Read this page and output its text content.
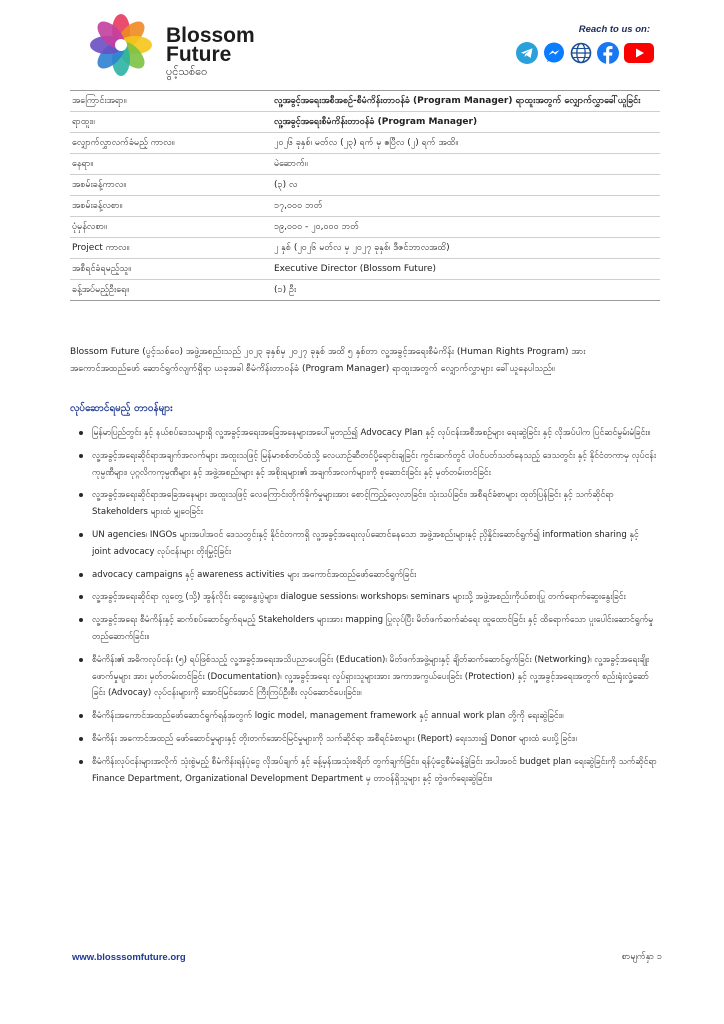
Blossom
Future
ပွင့်သစ်ဝေ
Reach to us on:
အကြောင်းအရာ။	လူ့အခွင့်အရေးအစီအစဉ်-စီမံကိန်းတာဝန်ခံ (Program Manager) ရာထူးအတွက် လျှောက်လွှာခေါ်ယူခြင်း
ရာထူး။	လူ့အခွင့်အရေးစီမံကိန်းတာဝန်ခံ (Program Manager)
လျှောက်လွှာလက်ခံမည့် ကာလ။	၂၀၂၆ ခုနှစ်၊ မတ်လ (၂၃) ရက် မှ ဧပြီလ (၂) ရက် အထိ။
နေရာ။	မဲဆောက်။
အစမ်းခန့်ကာလ။	(၃) လ
အစမ်းခန့်လစာ။	၁၇,၀၀၀ ဘတ်
ပုံမှန်လစာ။	၁၉,၀၀၀ - ၂၀,၀၀၀ ဘတ်
Project ကာလ။	၂ နှစ် (၂၀၂၆ မတ်လ မှ ၂၀၂၇ ခုနှစ်၊ ဒီဇင်ဘာလအထိ)
အစီရင်ခံရမည့်သူ။	Executive Director (Blossom Future)
ခန့်အပ်မည့်ဦးရေ။	(၁) ဦး

Blossom Future (ပွင့်သစ်ဝေ) အဖွဲ့အစည်းသည် ၂၀၂၃ ခုနှစ်မှ ၂၀၂၇ ခုနှစ် အထိ ၅ နှစ်တာ လူ့အခွင့်အရေးစီမံကိန်း (Human Rights Program) အား အကောင်အထည်ဖော် ဆောင်ရွက်လျက်ရှိရာ ယခုအခါ စီမံကိန်းတာဝန်ခံ (Program Manager) ရာထူးအတွက် လျှောက်လွှာများ ခေါ်ယူနေပါသည်။

လုပ်ဆောင်ရမည့် တာဝန်များ
မြန်မာပြည်တွင်း နှင့် နယ်စပ်ဒေသများရှိ လူ့အခွင့်အရေးအခြေအနေများအပေါ်မူတည်၍ Advocacy Plan နှင့် လုပ်ငန်းအစီအစဉ်များ ရေးဆွဲခြင်း နှင့် လိုအပ်ပါက ပြင်ဆင်မွမ်းမံခြင်း။
လူ့အခွင့်အရေးဆိုင်ရာအချက်အလက်များ အထူးသဖြင့် မြန်မာစစ်တပ်ထံသို့ လေယာဉ်ဆီတင်ပို့ရောင်းချခြင်း ကွင်းဆက်တွင် ပါဝင်ပတ်သတ်နေသည့် ဒေသတွင်း နှင့် နိုင်ငံတကာမှ လုပ်ငန်းကုမ္ပဏီများ၊ ပုဂ္ဂလိကကုမ္ပဏီများ နှင့် အဖွဲ့အစည်းများ နှင့် အစိုးရများ၏ အချက်အလက်များကို စုဆောင်းခြင်း နှင့် မှတ်တမ်းတင်ခြင်း
လူ့အခွင့်အရေးဆိုင်ရာအခြေအနေများ အထူးသဖြင့် လေကြောင်းတိုက်ခိုက်မှုများအား စောင့်ကြည့်လေ့လာခြင်း၊ သုံးသပ်ခြင်း၊ အစီရင်ခံစာများ ထုတ်ပြန်ခြင်း နှင့် သက်ဆိုင်ရာ Stakeholders များထံ မျှဝေခြင်း
UN agencies၊ INGOs များအပါအဝင် ဒေသတွင်းနှင့် နိုင်ငံတကာရှိ လူ့အခွင့်အရေးလုပ်ဆောင်နေသော အဖွဲ့အစည်းများနှင့် ညှိနှိုင်းဆောင်ရွက်၍ information sharing နှင့် joint advocacy လုပ်ငန်းများ တိုးမြှင့်ခြင်း
advocacy campaigns နှင့် awareness activities များ အကောင်အထည်ဖော်ဆောင်ရွက်ခြင်း
လူ့အခွင့်အရေးဆိုင်ရာ လူတွေ့ (သို့) အွန်လိုင်း ဆွေးနွေးပွဲများ၊ dialogue sessions၊ workshops၊ seminars များသို့ အဖွဲ့အစည်းကိုယ်စားပြု တက်ရောက်ဆွေးနွေးခြင်း
လူ့အခွင့်အရေး စီမံကိန်းနှင့် ဆက်စပ်ဆောင်ရွက်ရမည့် Stakeholders များအား mapping ပြုလုပ်ပြီး မိတ်ဖက်ဆက်ဆံရေး ထူထောင်ခြင်း နှင့် ထိရောက်သော ပူးပေါင်းဆောင်ရွက်မှု တည်ဆောက်ခြင်း။
စီမံကိန်း၏ အဓိကလုပ်ငန်း (၅) ရပ်ဖြစ်သည့် လူ့အခွင့်အရေးအသိပညာပေးခြင်း (Education)၊ မိတ်ဖက်အဖွဲ့များနှင့် ချိတ်ဆက်ဆောင်ရွက်ခြင်း (Networking)၊ လူ့အခွင့်အရေးချိုးဖောက်မှုများ အား မှတ်တမ်းတင်ခြင်း (Documentation)၊ လူ့အခွင့်အရေး လှုပ်ရှားသူများအား အကာအကွယ်ပေးခြင်း (Protection) နှင့် လူ့အခွင့်အရေးအတွက် စည်းရုံးလှုံ့ဆော်ခြင်း (Advocay) လုပ်ငန်းများကို အောင်မြင်အောင် ကြီးကြပ်ဦးစီး လုပ်ဆောင်ပေးခြင်း။
စီမံကိန်းအကောင်အထည်ဖော်ဆောင်ရွက်ရန်အတွက် logic model, management framework နှင့် annual work plan တို့ကို ရေးဆွဲခြင်း။
စီမံကိန်း အကောင်အထည် ဖော်ဆောင်မှုများနှင့် တိုးတက်အောင်မြင်မှုများကို သက်ဆိုင်ရာ အစီရင်ခံစာများ (Report) ရေးသား၍ Donor များထံ ပေးပို့ခြင်း။
စီမံကိန်းလုပ်ငန်းများအလိုက် သုံးစွဲမည့် စီမံကိန်းရန်ပုံငွေ လိုအပ်ချက် နှင့် ခန့်မှန်းအသုံးစရိတ် တွက်ချက်ခြင်း၊ ရန်ပုံငွေစီမံခန့်ခွဲခြင်း အပါအဝင် budget plan ရေးဆွဲခြင်းကို သက်ဆိုင်ရာ Finance Department, Organizational Development Department မှ တာဝန်ရှိသူများ နှင့် တွဲဖက်ရေးဆွဲခြင်း။
www.blosssomfuture.org	စာမျက်နှာ ၁
